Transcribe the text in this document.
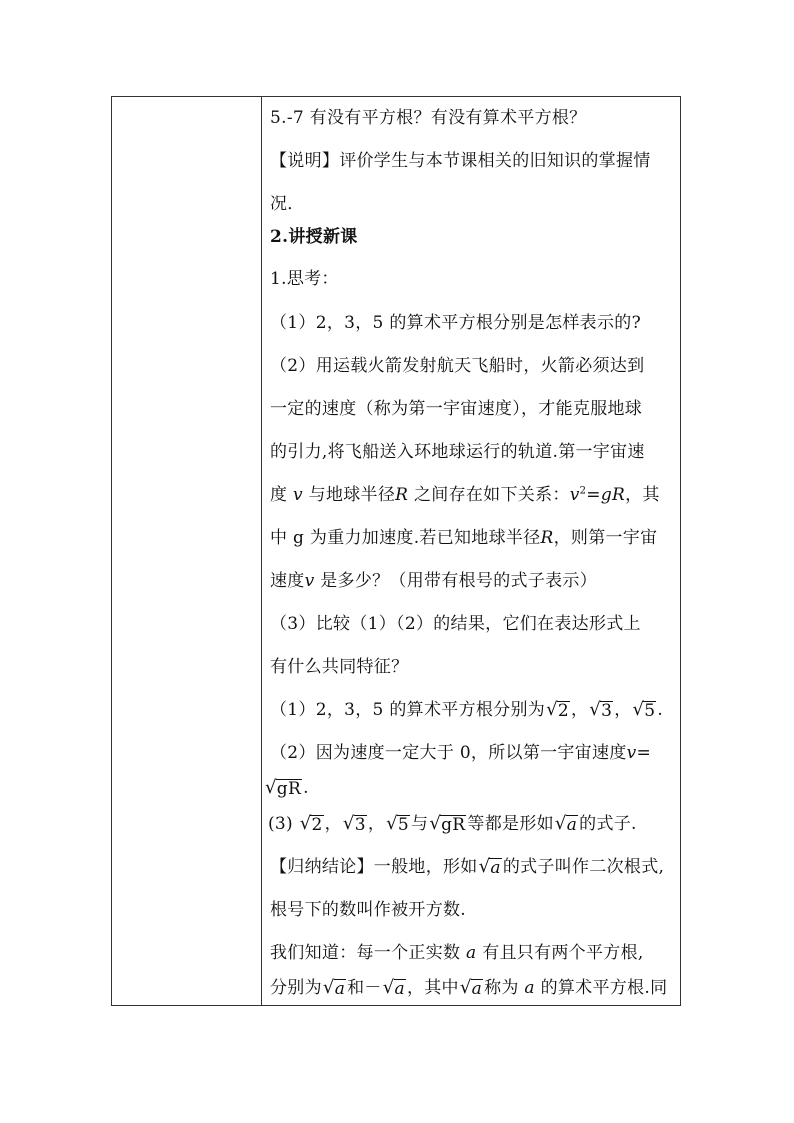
5.-7 有没有平方根？有没有算术平方根？
【说明】评价学生与本节课相关的旧知识的掌握情
况．
2.讲授新课
1.思考：
（1）2，3，5 的算术平方根分别是怎样表示的?
（2）用运载火箭发射航天飞船时，火箭必须达到
一定的速度（称为第一宇宙速度），才能克服地球
的引力,将飞船送入环地球运行的轨道.第一宇宙速
度 v 与地球半径R 之间存在如下关系：$v^2=gR$，其
中 g 为重力加速度.若已知地球半径R，则第一宇宙
速度v 是多少？（用带有根号的式子表示）
（3）比较（1）（2）的结果，它们在表达形式上
有什么共同特征？
（1）2，3，5 的算术平方根分别为 √ 2 ， √ 3 ， √ 5 .
（2）因为速度一定大于 0，所以第一宇宙速度v=
√ gR .
(3) √ 2 ， √ 3 ， √ 5 与 √ gR 等都是形如 √ a 的式子.
【归纳结论】一般地，形如 √ a 的式子叫作二次根式,
根号下的数叫作被开方数.
我们知道：每一个正实数 a 有且只有两个平方根,
分别为 √ a 和－ √ a ，其中 √ a 称为 a 的算术平方根.同
